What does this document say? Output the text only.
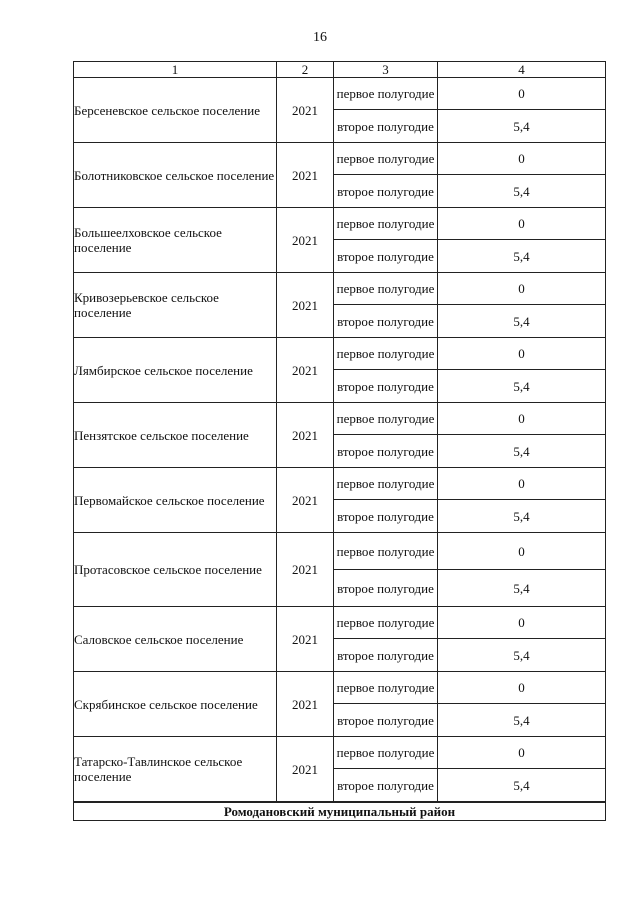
16
1	2	3	4
Берсеневское сельское поселение	2021	первое полугодие	0
		второе полугодие	5,4
Болотниковское сельское поселение	2021	первое полугодие	0
		второе полугодие	5,4
Большеелховское сельское поселение	2021	первое полугодие	0
		второе полугодие	5,4
Кривозерьевское сельское поселение	2021	первое полугодие	0
		второе полугодие	5,4
Лямбирское сельское поселение	2021	первое полугодие	0
		второе полугодие	5,4
Пензятское сельское поселение	2021	первое полугодие	0
		второе полугодие	5,4
Первомайское сельское поселение	2021	первое полугодие	0
		второе полугодие	5,4
Протасовское сельское поселение	2021	первое полугодие	0
		второе полугодие	5,4
Саловское сельское поселение	2021	первое полугодие	0
		второе полугодие	5,4
Скрябинское сельское поселение	2021	первое полугодие	0
		второе полугодие	5,4
Татарско-Тавлинское сельское поселение	2021	первое полугодие	0
		второе полугодие	5,4
Ромодановский муниципальный район			
